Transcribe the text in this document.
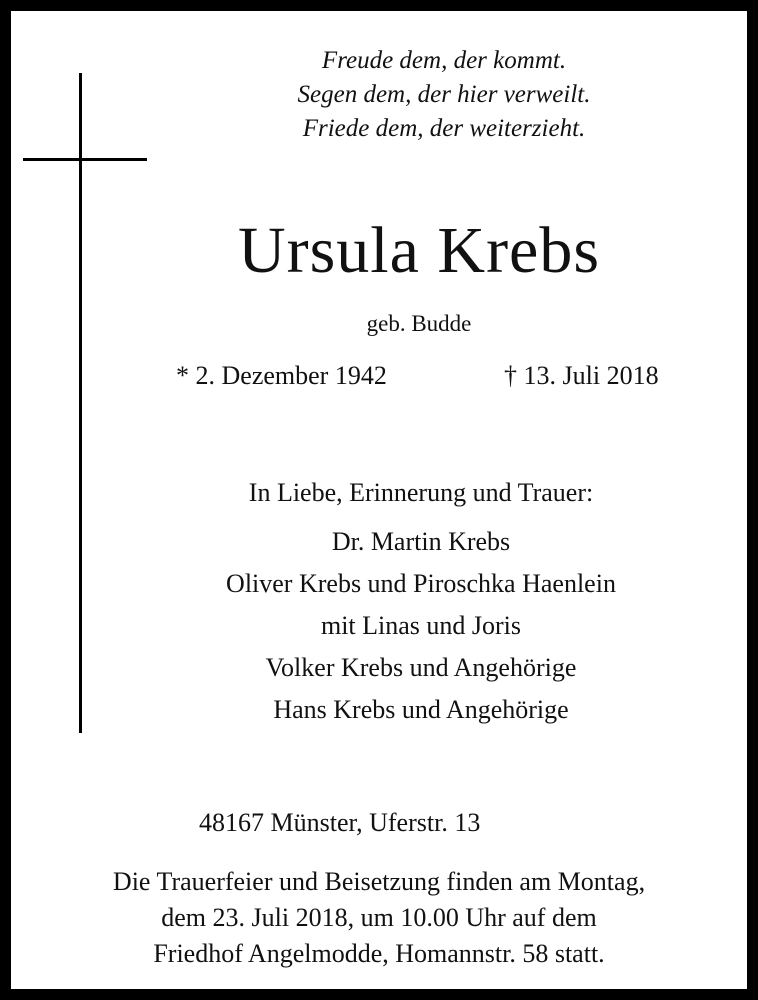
Freude dem, der kommt.
Segen dem, der hier verweilt.
Friede dem, der weiterzieht.
Ursula Krebs
geb. Budde
* 2. Dezember 1942	† 13. Juli 2018
In Liebe, Erinnerung und Trauer:
Dr. Martin Krebs
Oliver Krebs und Piroschka Haenlein
mit Linas und Joris
Volker Krebs und Angehörige
Hans Krebs und Angehörige
48167 Münster, Uferstr. 13
Die Trauerfeier und Beisetzung finden am Montag,
dem 23. Juli 2018, um 10.00 Uhr auf dem
Friedhof Angelmodde, Homannstr. 58 statt.
